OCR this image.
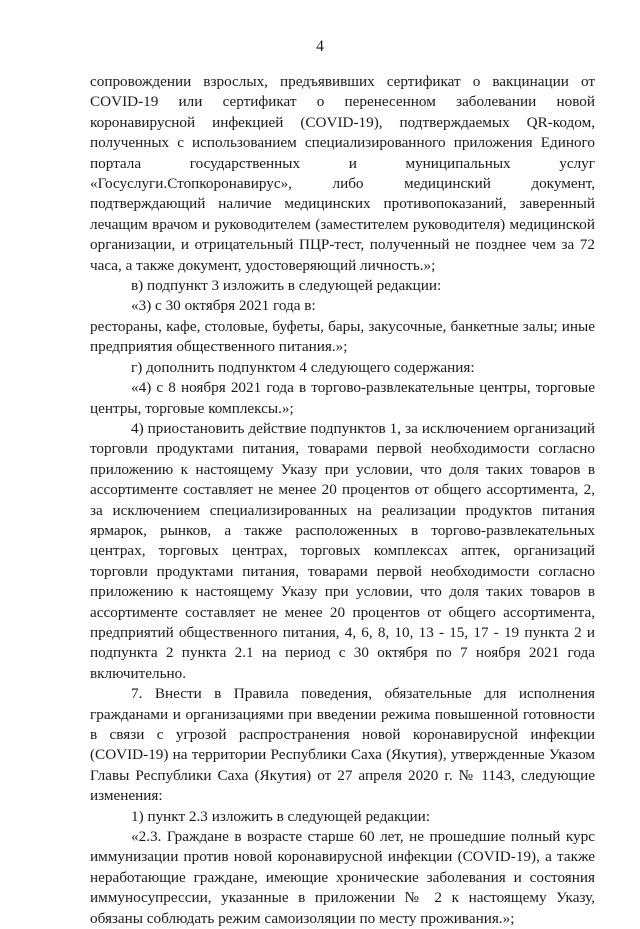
4

сопровождении взрослых, предъявивших сертификат о вакцинации от COVID-19 или сертификат о перенесенном заболевании новой коронавирусной инфекцией (COVID-19), подтверждаемых QR-кодом, полученных с использованием специализированного приложения Единого портала государственных и муниципальных услуг «Госуслуги.Стопкоронавирус», либо медицинский документ, подтверждающий наличие медицинских противопоказаний, заверенный лечащим врачом и руководителем (заместителем руководителя) медицинской организации, и отрицательный ПЦР-тест, полученный не позднее чем за 72 часа, а также документ, удостоверяющий личность.»;

в) подпункт 3 изложить в следующей редакции:

«3) с 30 октября 2021 года в:

рестораны, кафе, столовые, буфеты, бары, закусочные, банкетные залы; иные предприятия общественного питания.»;

г) дополнить подпунктом 4 следующего содержания:

«4) с 8 ноября 2021 года в торгово-развлекательные центры, торговые центры, торговые комплексы.»;

4) приостановить действие подпунктов 1, за исключением организаций торговли продуктами питания, товарами первой необходимости согласно приложению к настоящему Указу при условии, что доля таких товаров в ассортименте составляет не менее 20 процентов от общего ассортимента, 2, за исключением специализированных на реализации продуктов питания ярмарок, рынков, а также расположенных в торгово-развлекательных центрах, торговых центрах, торговых комплексах аптек, организаций торговли продуктами питания, товарами первой необходимости согласно приложению к настоящему Указу при условии, что доля таких товаров в ассортименте составляет не менее 20 процентов от общего ассортимента, предприятий общественного питания, 4, 6, 8, 10, 13 - 15, 17 - 19 пункта 2 и подпункта 2 пункта 2.1 на период с 30 октября по 7 ноября 2021 года включительно.

7. Внести в Правила поведения, обязательные для исполнения гражданами и организациями при введении режима повышенной готовности в связи с угрозой распространения новой коронавирусной инфекции (COVID-19) на территории Республики Саха (Якутия), утвержденные Указом Главы Республики Саха (Якутия) от 27 апреля 2020 г. № 1143, следующие изменения:

1) пункт 2.3 изложить в следующей редакции:

«2.3. Граждане в возрасте старше 60 лет, не прошедшие полный курс иммунизации против новой коронавирусной инфекции (COVID-19), а также неработающие граждане, имеющие хронические заболевания и состояния иммуносупрессии, указанные в приложении № 2 к настоящему Указу, обязаны соблюдать режим самоизоляции по месту проживания.»;
